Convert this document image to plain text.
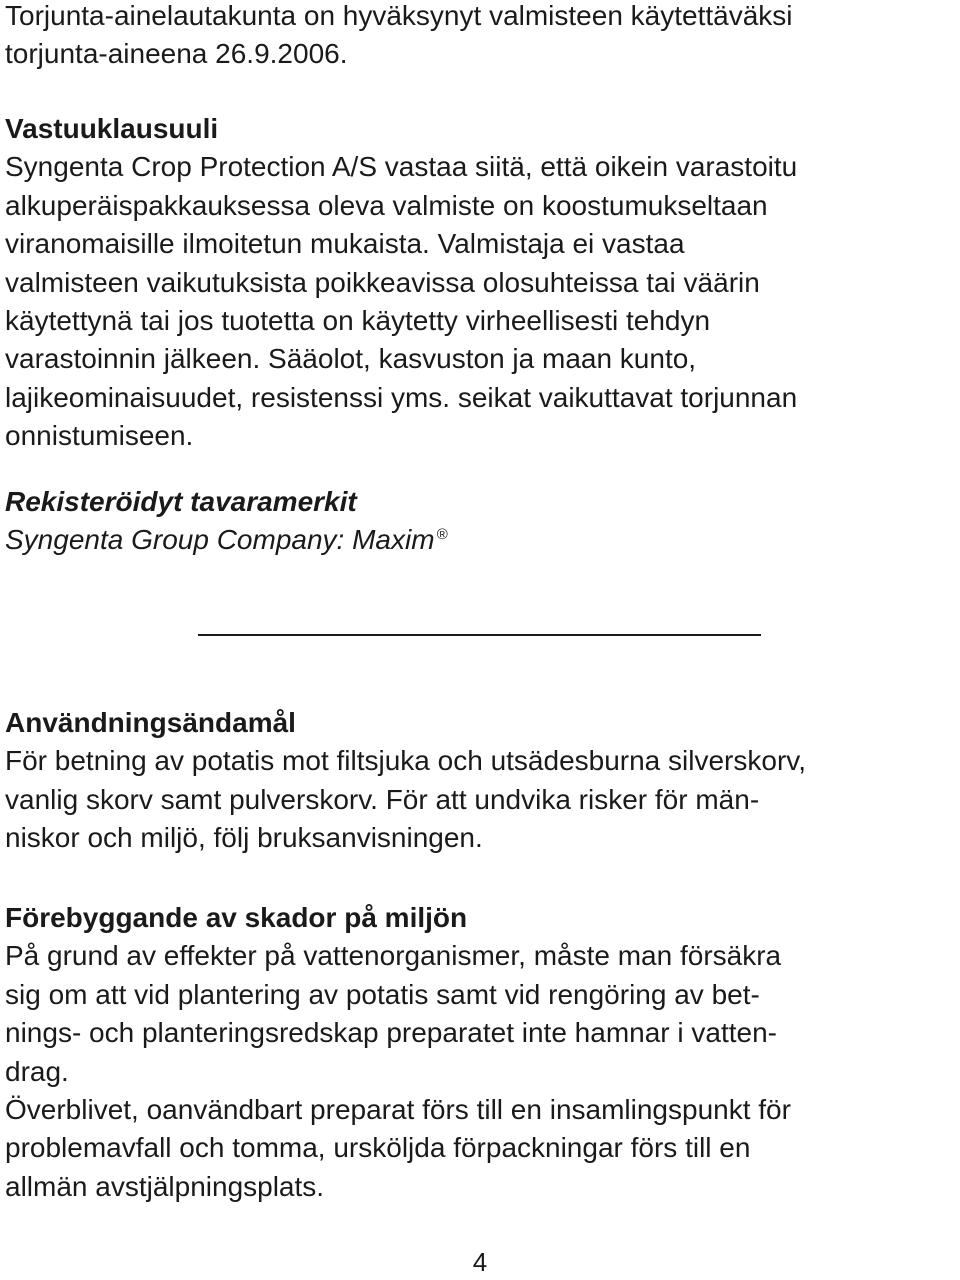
Torjunta-ainelautakunta on hyväksynyt valmisteen käytettäväksi
torjunta-aineena 26.9.2006.
Vastuuklausuuli
Syngenta Crop Protection A/S vastaa siitä, että oikein varastoitu
alkuperäispakkauksessa oleva valmiste on koostumukseltaan
viranomaisille ilmoitetun mukaista. Valmistaja ei vastaa
valmisteen vaikutuksista poikkeavissa olosuhteissa tai väärin
käytettynä tai jos tuotetta on käytetty virheellisesti tehdyn
varastoinnin jälkeen. Sääolot, kasvuston ja maan kunto,
lajikeominaisuudet, resistenssi yms. seikat vaikuttavat torjunnan
onnistumiseen.
Rekisteröidyt tavaramerkit
Syngenta Group Company: Maxim ®
Användningsändamål
För betning av potatis mot filtsjuka och utsädesburna silverskorv,
vanlig skorv samt pulverskorv. För att undvika risker för män-
niskor och miljö, följ bruksanvisningen.
Förebyggande av skador på miljön
På grund av effekter på vattenorganismer, måste man försäkra
sig om att vid plantering av potatis samt vid rengöring av bet-
nings- och planteringsredskap preparatet inte hamnar i vatten-
drag.
Överblivet, oanvändbart preparat förs till en insamlingspunkt för
problemavfall och tomma, ursköljda förpackningar förs till en
allmän avstjälpningsplats.
4
